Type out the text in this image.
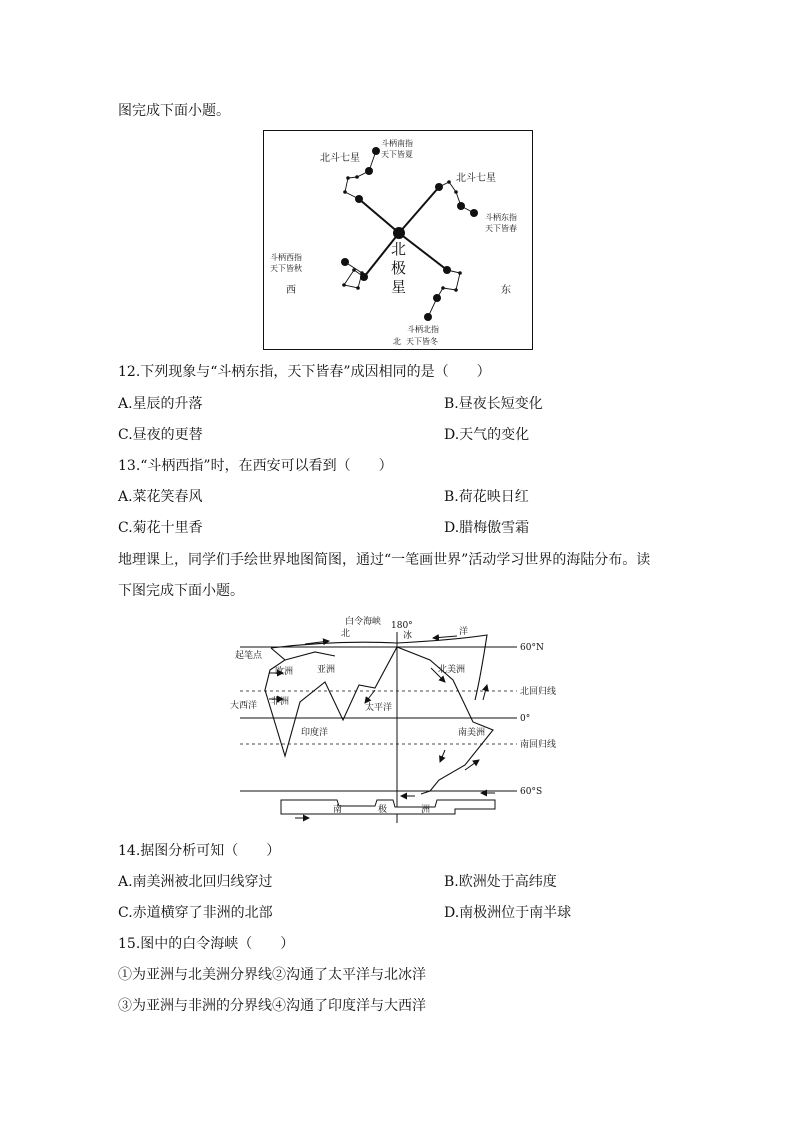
图完成下面小题。
北斗七星
北斗七星
斗柄南指
天下皆夏
斗柄东指
天下皆春
斗柄西指
天下皆秋
斗柄北指
北 天下皆冬
北
极
星
西	东
12.下列现象与“斗柄东指，天下皆春”成因相同的是（　　）
A.星辰的升落	B.昼夜长短变化
C.昼夜的更替	D.天气的变化
13.“斗柄西指”时，在西安可以看到（　　）
A.菜花笑春风	B.荷花映日红
C.菊花十里香	D.腊梅傲雪霜
地理课上，同学们手绘世界地图简图，通过“一笔画世界”活动学习世界的海陆分布。读
下图完成下面小题。
白令海峡 180°
北	冰	洋
起笔点
欧洲	亚洲	北美洲
大西洋 非洲
太平洋
印度洋	南美洲
南	极	洲
60°N
北回归线
0°
南回归线
60°S
14.据图分析可知（　　）
A.南美洲被北回归线穿过	B.欧洲处于高纬度
C.赤道横穿了非洲的北部	D.南极洲位于南半球
15.图中的白令海峡（　　）
①为亚洲与北美洲分界线②沟通了太平洋与北冰洋
③为亚洲与非洲的分界线④沟通了印度洋与大西洋
